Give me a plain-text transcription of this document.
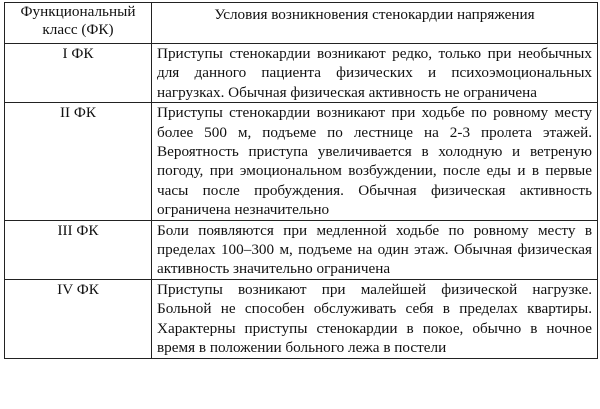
Функциональный класс (ФК)	Условия возникновения стенокардии напряжения
I ФК	Приступы стенокардии возникают редко, только при необычных для данного пациента физических и психоэмоциональных нагрузках. Обычная физическая активность не ограничена
II ФК	Приступы стенокардии возникают при ходьбе по ровному месту более 500 м, подъеме по лестнице на 2-3 пролета этажей. Вероятность приступа увеличивается в холодную и ветреную погоду, при эмоциональном возбуждении, после еды и в первые часы после пробуждения. Обычная физическая активность ограничена незначительно
III ФК	Боли появляются при медленной ходьбе по ровному месту в пределах 100–300 м, подъеме на один этаж. Обычная физическая активность значительно ограничена
IV ФК	Приступы возникают при малейшей физической нагрузке. Больной не способен обслуживать себя в пределах квартиры. Характерны приступы стенокардии в покое, обычно в ночное время в положении больного лежа в постели
